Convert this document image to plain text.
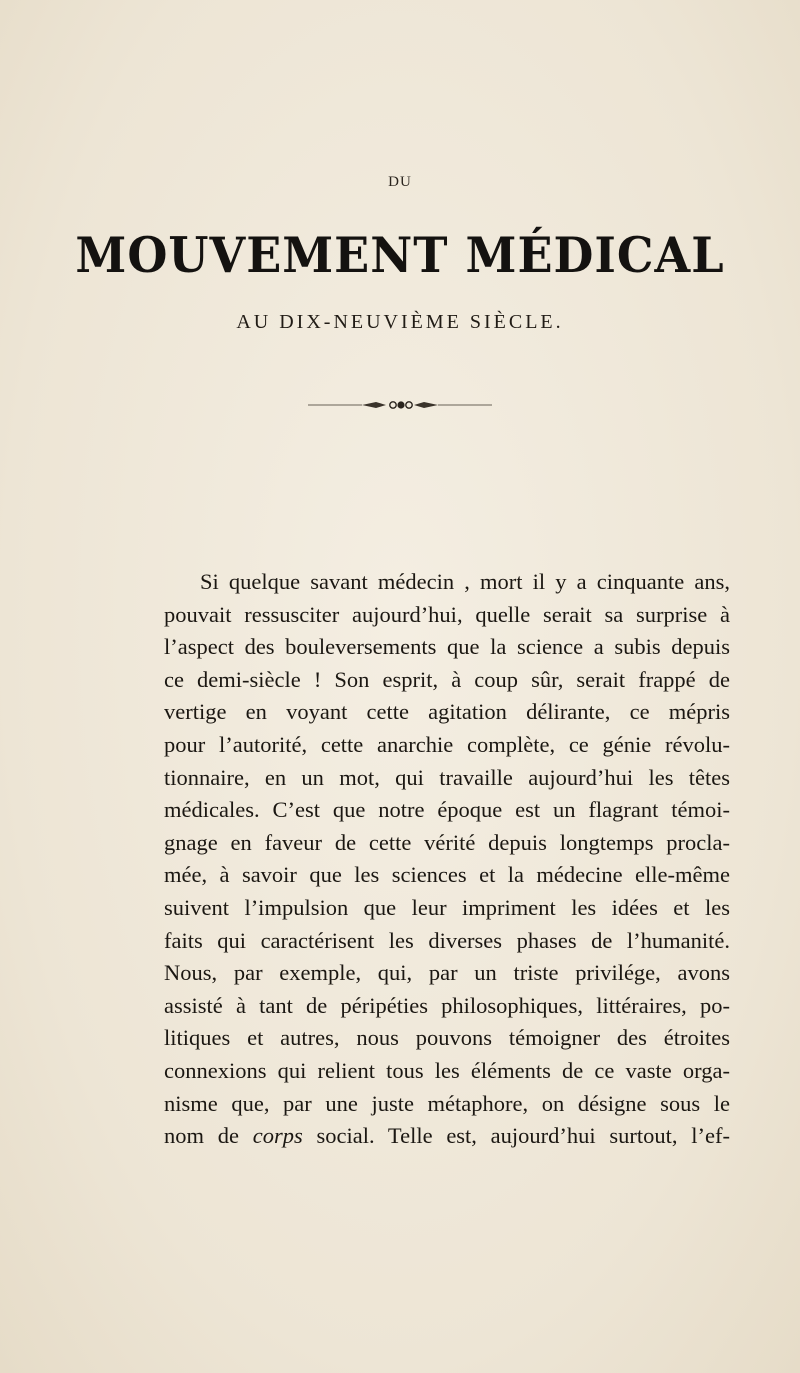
DU
MOUVEMENT MÉDICAL
AU DIX-NEUVIÈME SIÈCLE.
Si quelque savant médecin , mort il y a cinquante ans,
pouvait ressusciter aujourd’hui, quelle serait sa surprise à
l’aspect des bouleversements que la science a subis depuis
ce demi-siècle ! Son esprit, à coup sûr, serait frappé de
vertige en voyant cette agitation délirante, ce mépris
pour l’autorité, cette anarchie complète, ce génie révolu-
tionnaire, en un mot, qui travaille aujourd’hui les têtes
médicales. C’est que notre époque est un flagrant témoi-
gnage en faveur de cette vérité depuis longtemps procla-
mée, à savoir que les sciences et la médecine elle-même
suivent l’impulsion que leur impriment les idées et les
faits qui caractérisent les diverses phases de l’humanité.
Nous, par exemple, qui, par un triste privilége, avons
assisté à tant de péripéties philosophiques, littéraires, po-
litiques et autres, nous pouvons témoigner des étroites
connexions qui relient tous les éléments de ce vaste orga-
nisme que, par une juste métaphore, on désigne sous le
nom de corps social. Telle est, aujourd’hui surtout, l’ef-
